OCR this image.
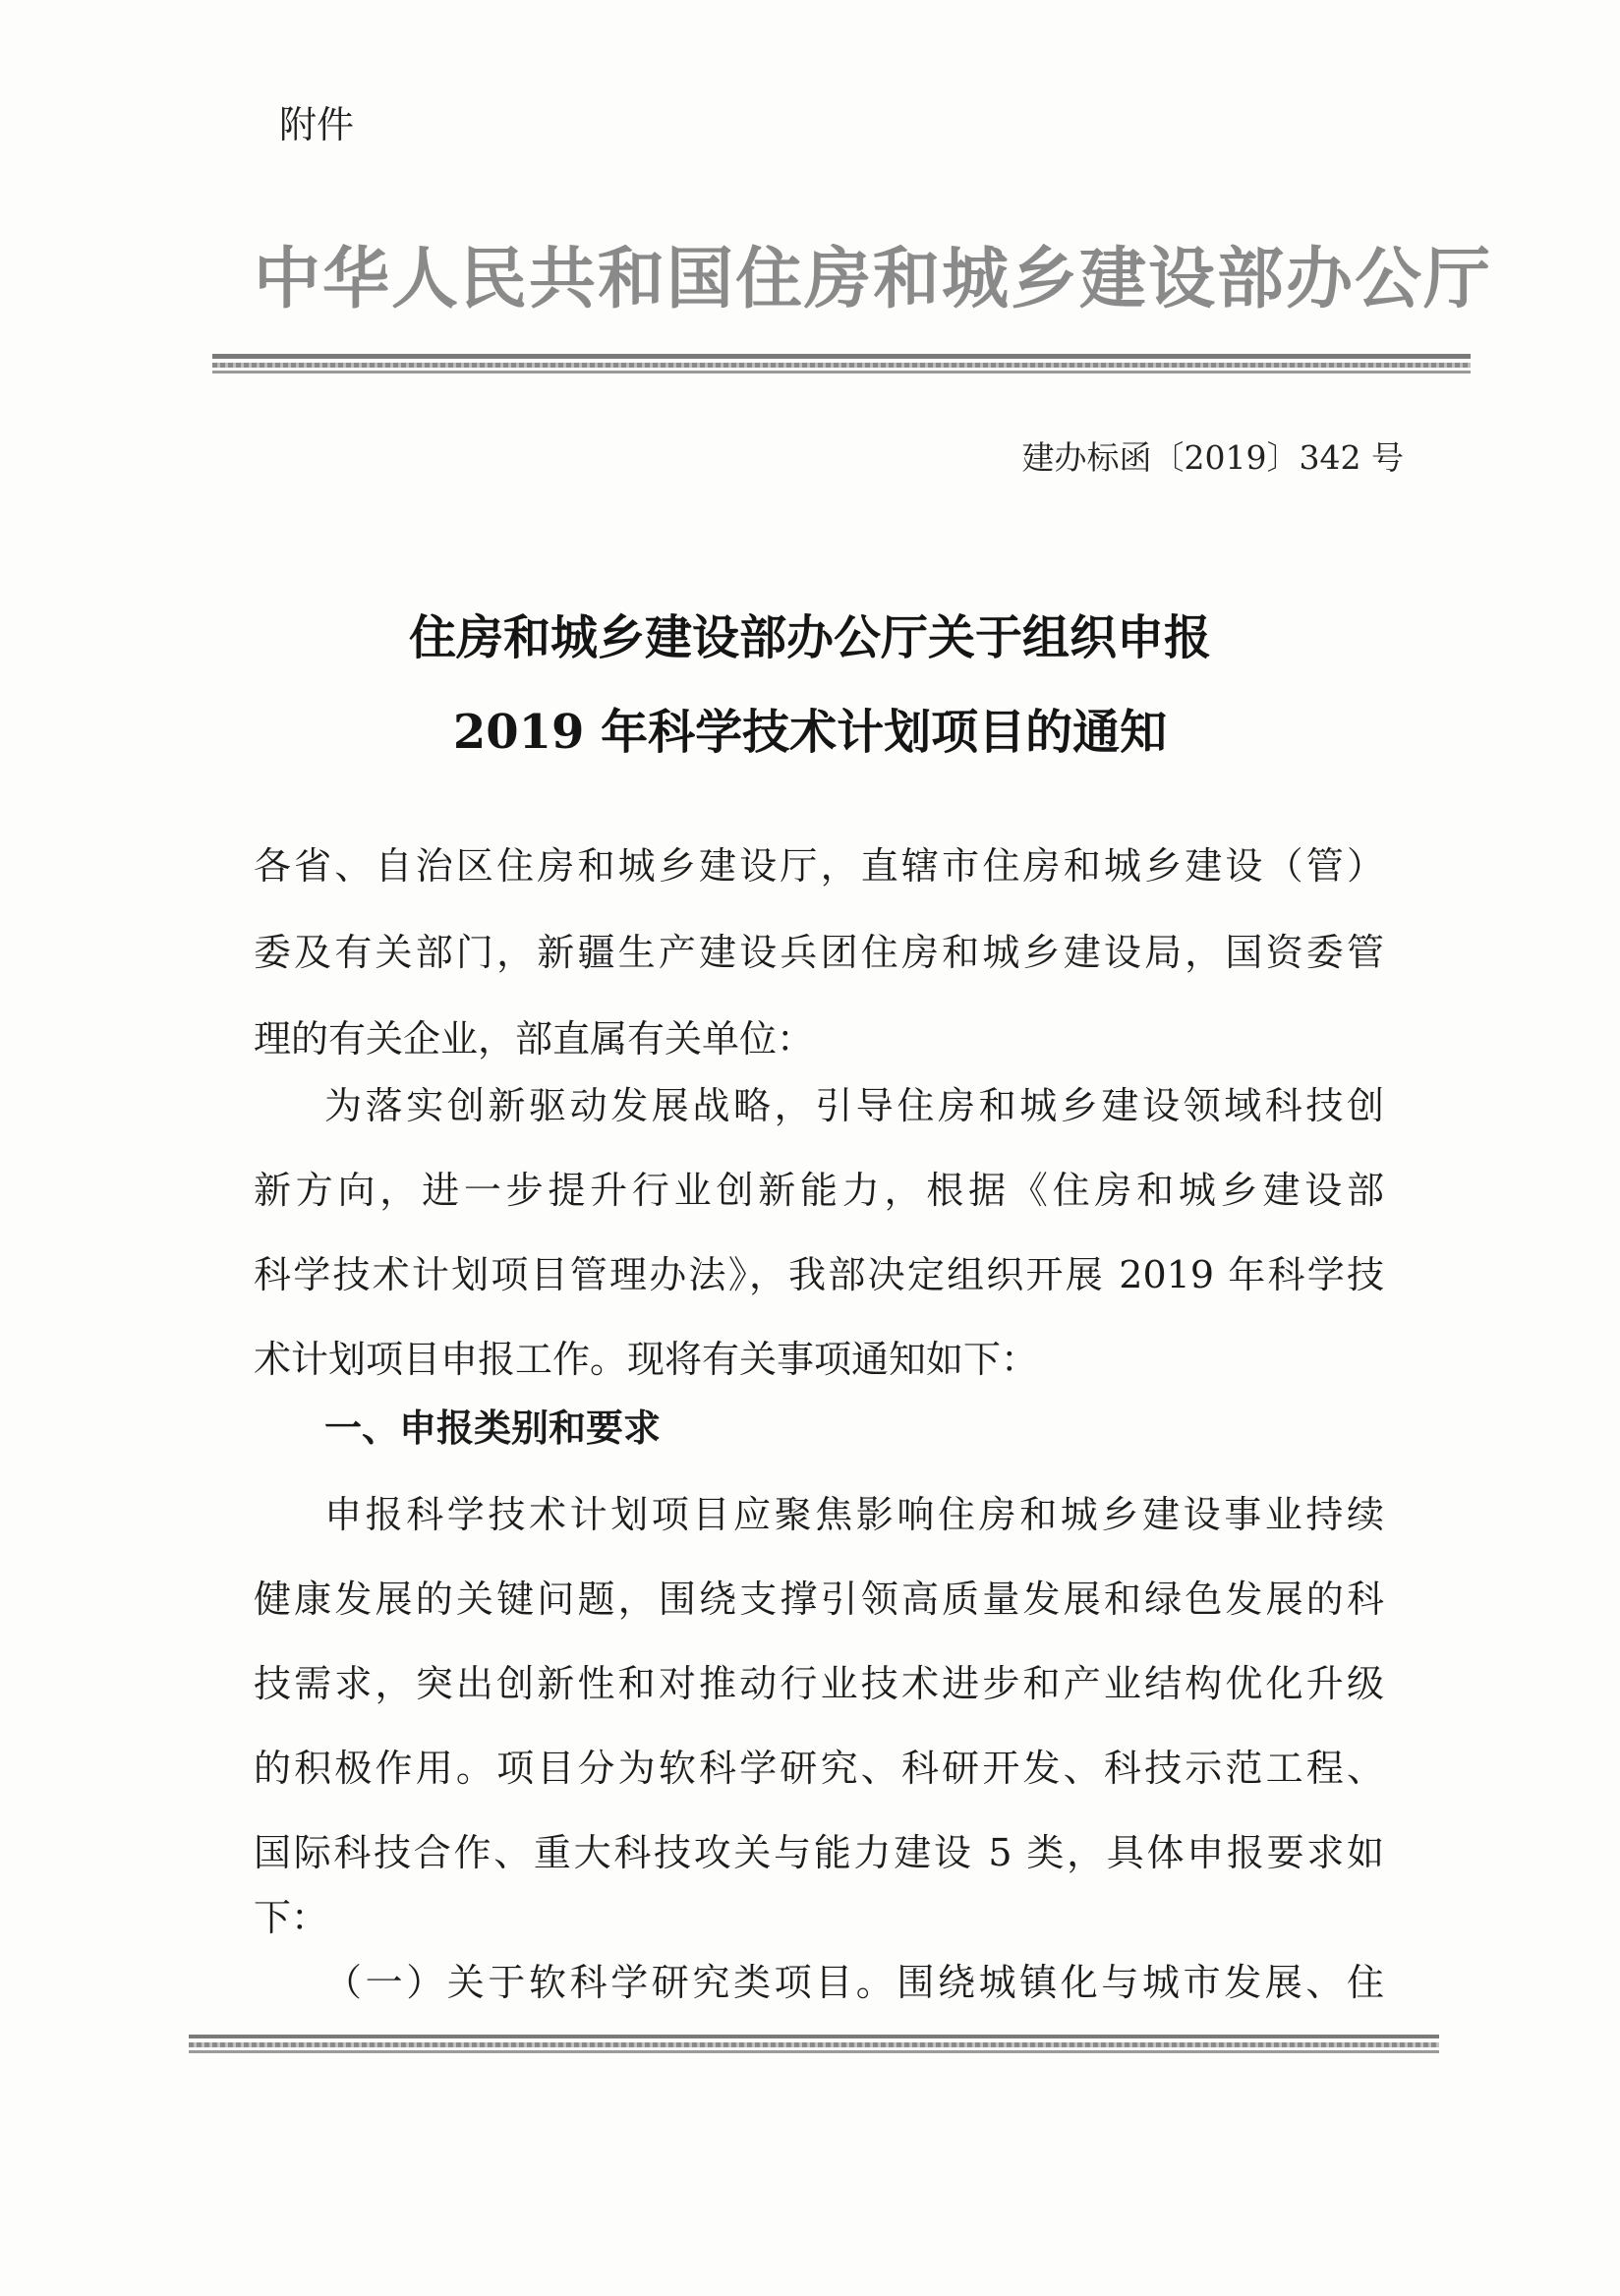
附件
中华人民共和国住房和城乡建设部办公厅
建办标函〔2019〕342 号
住房和城乡建设部办公厅关于组织申报
2019 年科学技术计划项目的通知
各省、自治区住房和城乡建设厅，直辖市住房和城乡建设（管）
委及有关部门，新疆生产建设兵团住房和城乡建设局，国资委管
理的有关企业，部直属有关单位：
为落实创新驱动发展战略，引导住房和城乡建设领域科技创
新方向，进一步提升行业创新能力，根据《住房和城乡建设部
科学技术计划项目管理办法》，我部决定组织开展 2019 年科学技
术计划项目申报工作。现将有关事项通知如下：
一、申报类别和要求
申报科学技术计划项目应聚焦影响住房和城乡建设事业持续
健康发展的关键问题，围绕支撑引领高质量发展和绿色发展的科
技需求，突出创新性和对推动行业技术进步和产业结构优化升级
的积极作用。项目分为软科学研究、科研开发、科技示范工程、
国际科技合作、重大科技攻关与能力建设 5 类，具体申报要求如
下：
（一）关于软科学研究类项目。围绕城镇化与城市发展、住
